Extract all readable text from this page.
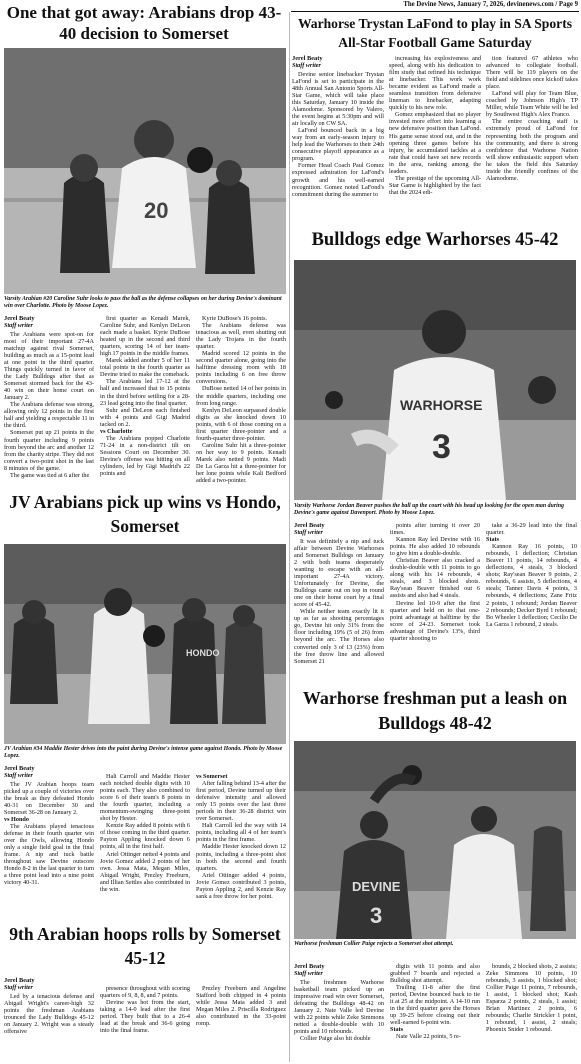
The Devine News, January 7, 2026, devinenews.com / Page 9
One that got away: Arabians drop 43-40 decision to Somerset
20
Varsity Arabian #20 Caroline Suhr looks to pass the ball as the defense collapses on her during Devine's dominant win over Charlotte. Photo by Moose Lopez.

Jerel Beaty

Staff writer

The Arabians were spot-on for most of their important 27-4A matchup against rival Somerset, building as much as a 15-point lead at one point in the third quarter. Things quickly turned in favor of the Lady Bulldogs after that as Somerset stormed back for the 43-40 win on their home court on January 2.

The Arabians defense was strong, allowing only 12 points in the first half and yielding a respectable 11 in the third.

Somerset put up 21 points in the fourth quarter including 9 points from beyond the arc and another 12 from the charity stripe. They did not convert a two-point shot in the last 8 minutes of the game.

The game was tied at 6 after the

first quarter as Kenadi Marek, Caroline Suhr, and Kenlyn DeLeon each made a basket. Kyrie DuBose heated up in the second and third quarters, scoring 14 of her team-high 17 points in the middle frames.

Marek added another 5 of her 11 total points in the fourth quarter as Devine tried to make the comeback.

The Arabians led 17-12 at the half and increased that to 15 points in the third before settling for a 28-23 lead going into the final quarter.

Suhr and DeLeon each finished with 4 points and Gigi Madrid tacked on 2.

vs Charlotte

The Arabians popped Charlotte 71-24 in a non-district tilt on Sessions Court on December 30. Devine's offense was hitting on all cylinders, led by Gigi Madrid's 22 points and

Kyrie DuBose's 16 points.

The Arabians defense was tenacious as well, even shutting out the Lady Trojans in the fourth quarter.

Madrid scored 12 points in the second quarter alone, going into the halftime dressing room with 18 points including 6 on free throw conversions.

DuBose netted 14 of her points in the middle quarters, including one from long range.

Kenlyn DeLeon surpassed double digits as she knocked down 10 points, with 6 of those coming on a first quarter three-pointer and a fourth-quarter three-pointer.

Caroline Suhr hit a three-pointer on her way to 9 points. Kenadi Marek also netted 9 points. Madi De La Garza hit a three-pointer for her lone points while Kali Bedford added a two-pointer.

JV Arabians pick up wins vs Hondo, Somerset
HONDO
JV Arabian #34 Maddie Hester drives into the paint during Devine's intense game against Hondo. Photo by Moose Lopez.

Jerel Beaty

Staff writer

The JV Arabian hoops team picked up a couple of victories over the break as they defeated Hondo 40-31 on December 30 and Somerset 36-28 on January 2.

vs Hondo

The Arabians played tenacious defense in their fourth quarter win over the Owls, allowing Hondo only a single field goal in the final frame. A nip and tuck battle throughout saw Devine outscore Hondo 8-2 in the last quarter to turn a three point lead into a nine point victory 40-31.

Hali Carroll and Maddie Hester each notched double digits with 10 points each. They also combined to score 6 of their team's 8 points in the fourth quarter, including a momentum-swinging three-point shot by Hester.

Kenzie Ray added 8 points with 6 of those coming in the third quarter. Payton Appling knocked down 6 points, all in the first half.

Ariel Ottinger netted 4 points and Jovie Gomez added 2 points of her own. Jessa Mata, Megan Miles, Abigail Wright, Prezley Freeburn, and Illian Settles also contributed in the win.

vs Somerset

After falling behind 13-4 after the first period, Devine turned up their defensive intensity and allowed only 15 points over the last three periods in their 36-28 district win over Somerset.

Hali Carroll led the way with 14 points, including all 4 of her team's points in the first frame.

Maddie Hester knocked down 12 points, including a three-point shot in both the second and fourth quarters.

Ariel Ottinger added 4 points, Jovie Gomez contributed 3 points, Payton Appling 2, and Kenzie Ray sank a free throw for her point.

9th Arabian hoops rolls by Somerset 45-12

Jerel Beaty

Staff writer

Led by a tenacious defense and Abigail Wright's career-high 32 points the freshman Arabians trounced the Lady Bulldogs 45-12 on January 2. Wright was a steady offensive

presence throughout with scoring quarters of 9, 8, 8, and 7 points.

Devine was hot from the start, taking a 14-0 lead after the first period. They built that to a 26-4 lead at the break and 36-6 going into the final frame.

Prezley Freeburn and Angeline Stafford both chipped in 4 points while Jessa Mata added 3 and Megan Miles 2. Priscilla Rodriguez also contributed in the 33-point romp.

Warhorse Trystan LaFond to play in SA Sports All-Star Football Game Saturday

Jerel Beaty

Staff writer

Devine senior linebacker Trystan LaFond is set to participate in the 48th Annual San Antonio Sports All-Star Game, which will take place this Saturday, January 10 inside the Alamodome. Sponsored by Valero, the event begins at 5:30pm and will air locally on CW SA.

LaFond bounced back in a big way from an early-season injury to help lead the Warhorses to their 24th consecutive playoff appearance as a program.

Former Head Coach Paul Gomez expressed admiration for LaFond's growth and his well-earned recognition. Gomez noted LaFond's commitment during the summer to

increasing his explosiveness and speed, along with his dedication to film study that refined his technique at linebacker. This work work became evident as LaFond made a seamless transition from defensive lineman to linebacker, adapting quickly to his new role.

Gomez emphasized that no player invested more effort into learning a new defensive position than LaFond. His game sense stood out, and in the opening three games before his injury, he accumulated tackles at a rate that could have set new records in the area, ranking among the leaders.

The prestige of the upcoming All-Star Game is highlighted by the fact that the 2024 edi-

tion featured 67 athletes who advanced to collegiate football. There will be 119 players on the field and sidelines once kickoff takes place.

LaFond will play for Team Blue, coached by Johnson High's TP Miller, while Team White will be led by Southwest High's Alex Franco.

The entire coaching staff is extremely proud of LaFond for representing both the program and the community, and there is strong confidence that Warhorse Nation will show enthusiastic support when he takes the field this Saturday inside the friendly confines of the Alamodome.

Bulldogs edge Warhorses 45-42
WARHORSE
3
Varsity Warhorse Jordan Beaver pushes the ball up the court with his head up looking for the open man during Devine's game against Davenport. Photo by Moose Lopez.

Jerel Beaty

Staff writer

It was definitely a nip and tuck affair between Devine Warhorses and Somerset Bulldogs on January 2 with both teams desperately wanting to escape with an all-important 27-4A victory. Unfortunately for Devine, the Bulldogs came out on top in round one on their home court by a final score of 45-42.

While neither team exactly lit it up as far as shooting percentages go, Devine hit only 31% from the floor including 19% (5 of 26) from beyond the arc. The Horses also converted only 3 of 13 (23%) from the free throw line and allowed Somerset 21

points after turning it over 20 times.

Kannon Ray led Devine with 16 points. He also added 10 rebounds to give him a double-double.

Christian Beaver also cracked a double-double with 11 points to go along with his 14 rebounds, 4 steals, and 3 blocked shots. Ray'sean Beaver finished out 6 assists and also had 4 steals.

Devine led 10-9 after the first quarter and held on to that one-point advantage at halftime by the score of 24-23. Somerset took advantage of Devine's 13%, third quarter shooting to

take a 36-29 lead into the final quarter.

Stats

Kannon Ray 16 points, 10 rebounds, 1 deflection; Christian Beaver 11 points, 14 rebounds, 4 deflections, 4 steals, 3 blocked shots; Ray'sean Beaver 9 points, 2 rebounds, 6 assists, 5 deflections, 4 steals; Tanner Davis 4 points, 3 rebounds, 4 deflections; Zane Fritz 2 points, 1 rebound; Jordan Beaver 2 rebounds; Decker Byrd 1 rebound; Bo Wheeler 1 deflection; Cecilio De La Garza 1 rebound, 2 steals.

Warhorse freshman put a leash on Bulldogs 48-42
DEVINE
3
Warhorse freshman Collier Paige rejects a Somerset shot attempt.

Jerel Beaty

Staff writer

The freshmen Warhorse basketball team picked up an impressive road win over Somerset, defeating the Bulldogs 48-42 on January 2. Nate Valle led Devine with 22 points while Zeke Simmons netted a double-double with 10 points and 10 rebounds.

Collier Paige also hit double

digits with 11 points and also grabbed 7 boards and rejected a Bulldog shot attempt.

Trailing 11-8 after the first period, Devine bounced back to tie it at 25 at the midpoint. A 14-10 run in the third quarter gave the Horses up 39-25 before closing out their well-earned 6-point win.

Stats

Nate Valle 22 points, 5 re-

bounds, 2 blocked shots, 2 assists; Zeke Simmons 10 points, 10 rebounds, 3 assists, 1 blocked shot; Collier Paige 11 points, 7 rebounds, 1 assist, 1 blocked shot; Kash Esparza 2 points, 2 steals, 1 assist; Brian Martinez 2 points, 6 rebounds; Charlie Strickler 1 point, 1 rebound, 1 assist, 2 steals; Phoenix Snider 1 rebound.
